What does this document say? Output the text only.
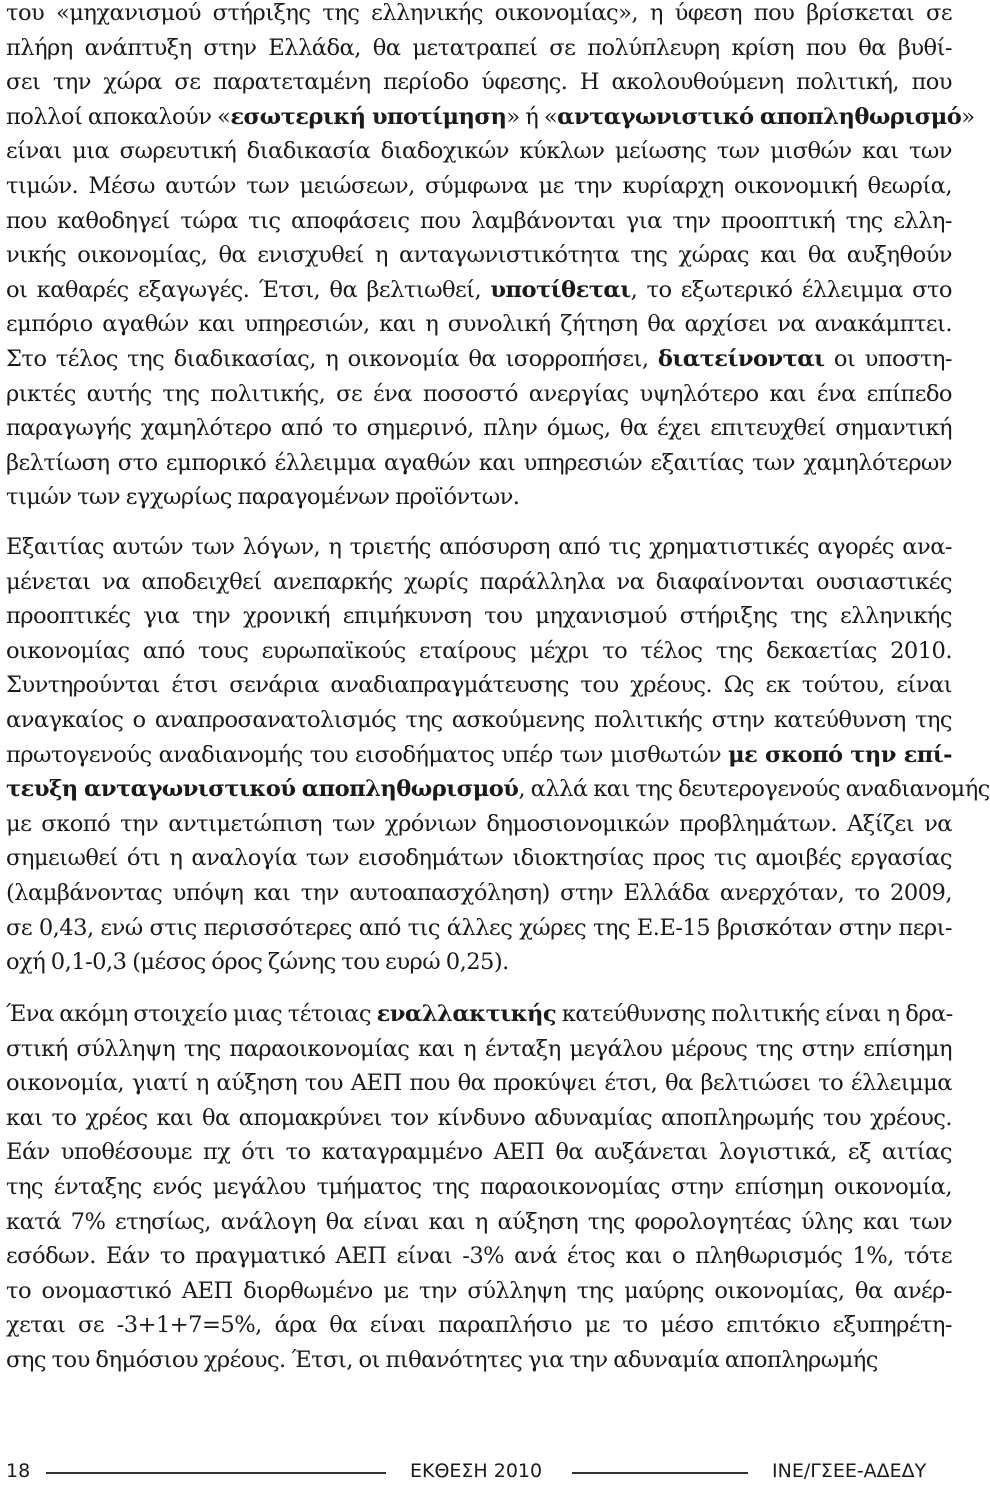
του «μηχανισμού στήριξης της ελληνικής οικονομίας», η ύφεση που βρίσκεται σε
πλήρη ανάπτυξη στην Ελλάδα, θα μετατραπεί σε πολύπλευρη κρίση που θα βυθί-
σει την χώρα σε παρατεταμένη περίοδο ύφεσης. Η ακολουθούμενη πολιτική, που
πολλοί αποκαλούν «εσωτερική υποτίμηση» ή «ανταγωνιστικό αποπληθωρισμό»
είναι μια σωρευτική διαδικασία διαδοχικών κύκλων μείωσης των μισθών και των
τιμών. Μέσω αυτών των μειώσεων, σύμφωνα με την κυρίαρχη οικονομική θεωρία,
που καθοδηγεί τώρα τις αποφάσεις που λαμβάνονται για την προοπτική της ελλη-
νικής οικονομίας, θα ενισχυθεί η ανταγωνιστικότητα της χώρας και θα αυξηθούν
οι καθαρές εξαγωγές. Έτσι, θα βελτιωθεί, υποτίθεται, το εξωτερικό έλλειμμα στο
εμπόριο αγαθών και υπηρεσιών, και η συνολική ζήτηση θα αρχίσει να ανακάμπτει.
Στο τέλος της διαδικασίας, η οικονομία θα ισορροπήσει, διατείνονται οι υποστη-
ρικτές αυτής της πολιτικής, σε ένα ποσοστό ανεργίας υψηλότερο και ένα επίπεδο
παραγωγής χαμηλότερο από το σημερινό, πλην όμως, θα έχει επιτευχθεί σημαντική
βελτίωση στο εμπορικό έλλειμμα αγαθών και υπηρεσιών εξαιτίας των χαμηλότερων
τιμών των εγχωρίως παραγομένων προϊόντων.

Εξαιτίας αυτών των λόγων, η τριετής απόσυρση από τις χρηματιστικές αγορές ανα-
μένεται να αποδειχθεί ανεπαρκής χωρίς παράλληλα να διαφαίνονται ουσιαστικές
προοπτικές για την χρονική επιμήκυνση του μηχανισμού στήριξης της ελληνικής
οικονομίας από τους ευρωπαϊκούς εταίρους μέχρι το τέλος της δεκαετίας 2010.
Συντηρούνται έτσι σενάρια αναδιαπραγμάτευσης του χρέους. Ως εκ τούτου, είναι
αναγκαίος ο αναπροσανατολισμός της ασκούμενης πολιτικής στην κατεύθυνση της
πρωτογενούς αναδιανομής του εισοδήματος υπέρ των μισθωτών με σκοπό την επί-
τευξη ανταγωνιστικού αποπληθωρισμού, αλλά και της δευτερογενούς αναδιανομής
με σκοπό την αντιμετώπιση των χρόνιων δημοσιονομικών προβλημάτων. Αξίζει να
σημειωθεί ότι η αναλογία των εισοδημάτων ιδιοκτησίας προς τις αμοιβές εργασίας
(λαμβάνοντας υπόψη και την αυτοαπασχόληση) στην Ελλάδα ανερχόταν, το 2009,
σε 0,43, ενώ στις περισσότερες από τις άλλες χώρες της Ε.Ε-15 βρισκόταν στην περι-
οχή 0,1-0,3 (μέσος όρος ζώνης του ευρώ 0,25).

Ένα ακόμη στοιχείο μιας τέτοιας εναλλακτικής κατεύθυνσης πολιτικής είναι η δρα-
στική σύλληψη της παραοικονομίας και η ένταξη μεγάλου μέρους της στην επίσημη
οικονομία, γιατί η αύξηση του ΑΕΠ που θα προκύψει έτσι, θα βελτιώσει το έλλειμμα
και το χρέος και θα απομακρύνει τον κίνδυνο αδυναμίας αποπληρωμής του χρέους.
Εάν υποθέσουμε πχ ότι το καταγραμμένο ΑΕΠ θα αυξάνεται λογιστικά, εξ αιτίας
της ένταξης ενός μεγάλου τμήματος της παραοικονομίας στην επίσημη οικονομία,
κατά 7% ετησίως, ανάλογη θα είναι και η αύξηση της φορολογητέας ύλης και των
εσόδων. Εάν το πραγματικό ΑΕΠ είναι -3% ανά έτος και ο πληθωρισμός 1%, τότε
το ονομαστικό ΑΕΠ διορθωμένο με την σύλληψη της μαύρης οικονομίας, θα ανέρ-
χεται σε -3+1+7=5%, άρα θα είναι παραπλήσιο με το μέσο επιτόκιο εξυπηρέτη-
σης του δημόσιου χρέους. Έτσι, οι πιθανότητες για την αδυναμία αποπληρωμής

18	ΕΚΘΕΣΗ 2010	ΙΝΕ/ΓΣΕΕ-ΑΔΕΔΥ
